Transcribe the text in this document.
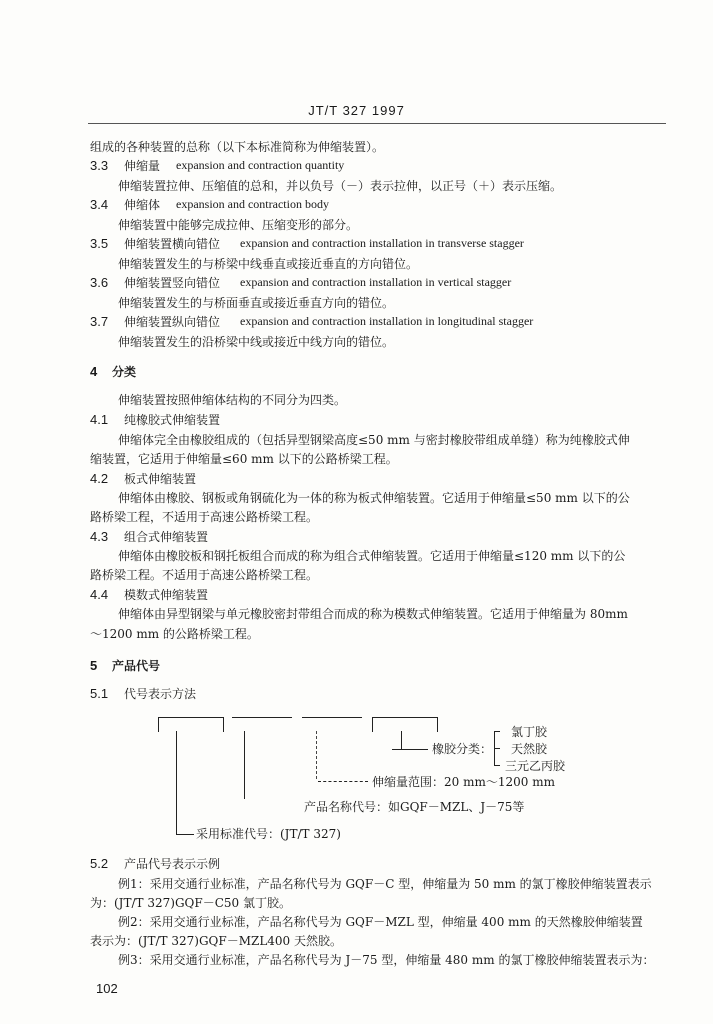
JT/T 327 1997
组成的各种装置的总称（以下本标准简称为伸缩装置）。
3.3 伸缩量 expansion and contraction quantity
伸缩装置拉伸、压缩值的总和，并以负号（－）表示拉伸，以正号（＋）表示压缩。
3.4 伸缩体 expansion and contraction body
伸缩装置中能够完成拉伸、压缩变形的部分。
3.5 伸缩装置横向错位 expansion and contraction installation in transverse stagger
伸缩装置发生的与桥梁中线垂直或接近垂直的方向错位。
3.6 伸缩装置竖向错位 expansion and contraction installation in vertical stagger
伸缩装置发生的与桥面垂直或接近垂直方向的错位。
3.7 伸缩装置纵向错位 expansion and contraction installation in longitudinal stagger
伸缩装置发生的沿桥梁中线或接近中线方向的错位。
4 分类
伸缩装置按照伸缩体结构的不同分为四类。
4.1 纯橡胶式伸缩装置
伸缩体完全由橡胶组成的（包括异型钢梁高度≤50 mm 与密封橡胶带组成单缝）称为纯橡胶式伸
缩装置，它适用于伸缩量≤60 mm 以下的公路桥梁工程。
4.2 板式伸缩装置
伸缩体由橡胶、钢板或角钢硫化为一体的称为板式伸缩装置。它适用于伸缩量≤50 mm 以下的公
路桥梁工程，不适用于高速公路桥梁工程。
4.3 组合式伸缩装置
伸缩体由橡胶板和钢托板组合而成的称为组合式伸缩装置。它适用于伸缩量≤120 mm 以下的公
路桥梁工程。不适用于高速公路桥梁工程。
4.4 模数式伸缩装置
伸缩体由异型钢梁与单元橡胶密封带组合而成的称为模数式伸缩装置。它适用于伸缩量为 80mm
～1200 mm 的公路桥梁工程。
5 产品代号
5.1 代号表示方法
橡胶分类：
氯丁胶
天然胶
三元乙丙胶
伸缩量范围：20 mm～1200 mm
产品名称代号：如GQF－MZL、J－75等
采用标准代号：(JT/T 327)
5.2 产品代号表示示例
例1：采用交通行业标准，产品名称代号为 GQF－C 型，伸缩量为 50 mm 的氯丁橡胶伸缩装置表示
为：(JT/T 327)GQF－C50 氯丁胶。
例2：采用交通行业标准，产品名称代号为 GQF－MZL 型，伸缩量 400 mm 的天然橡胶伸缩装置
表示为：(JT/T 327)GQF－MZL400 天然胶。
例3：采用交通行业标准，产品名称代号为 J－75 型，伸缩量 480 mm 的氯丁橡胶伸缩装置表示为：
102
